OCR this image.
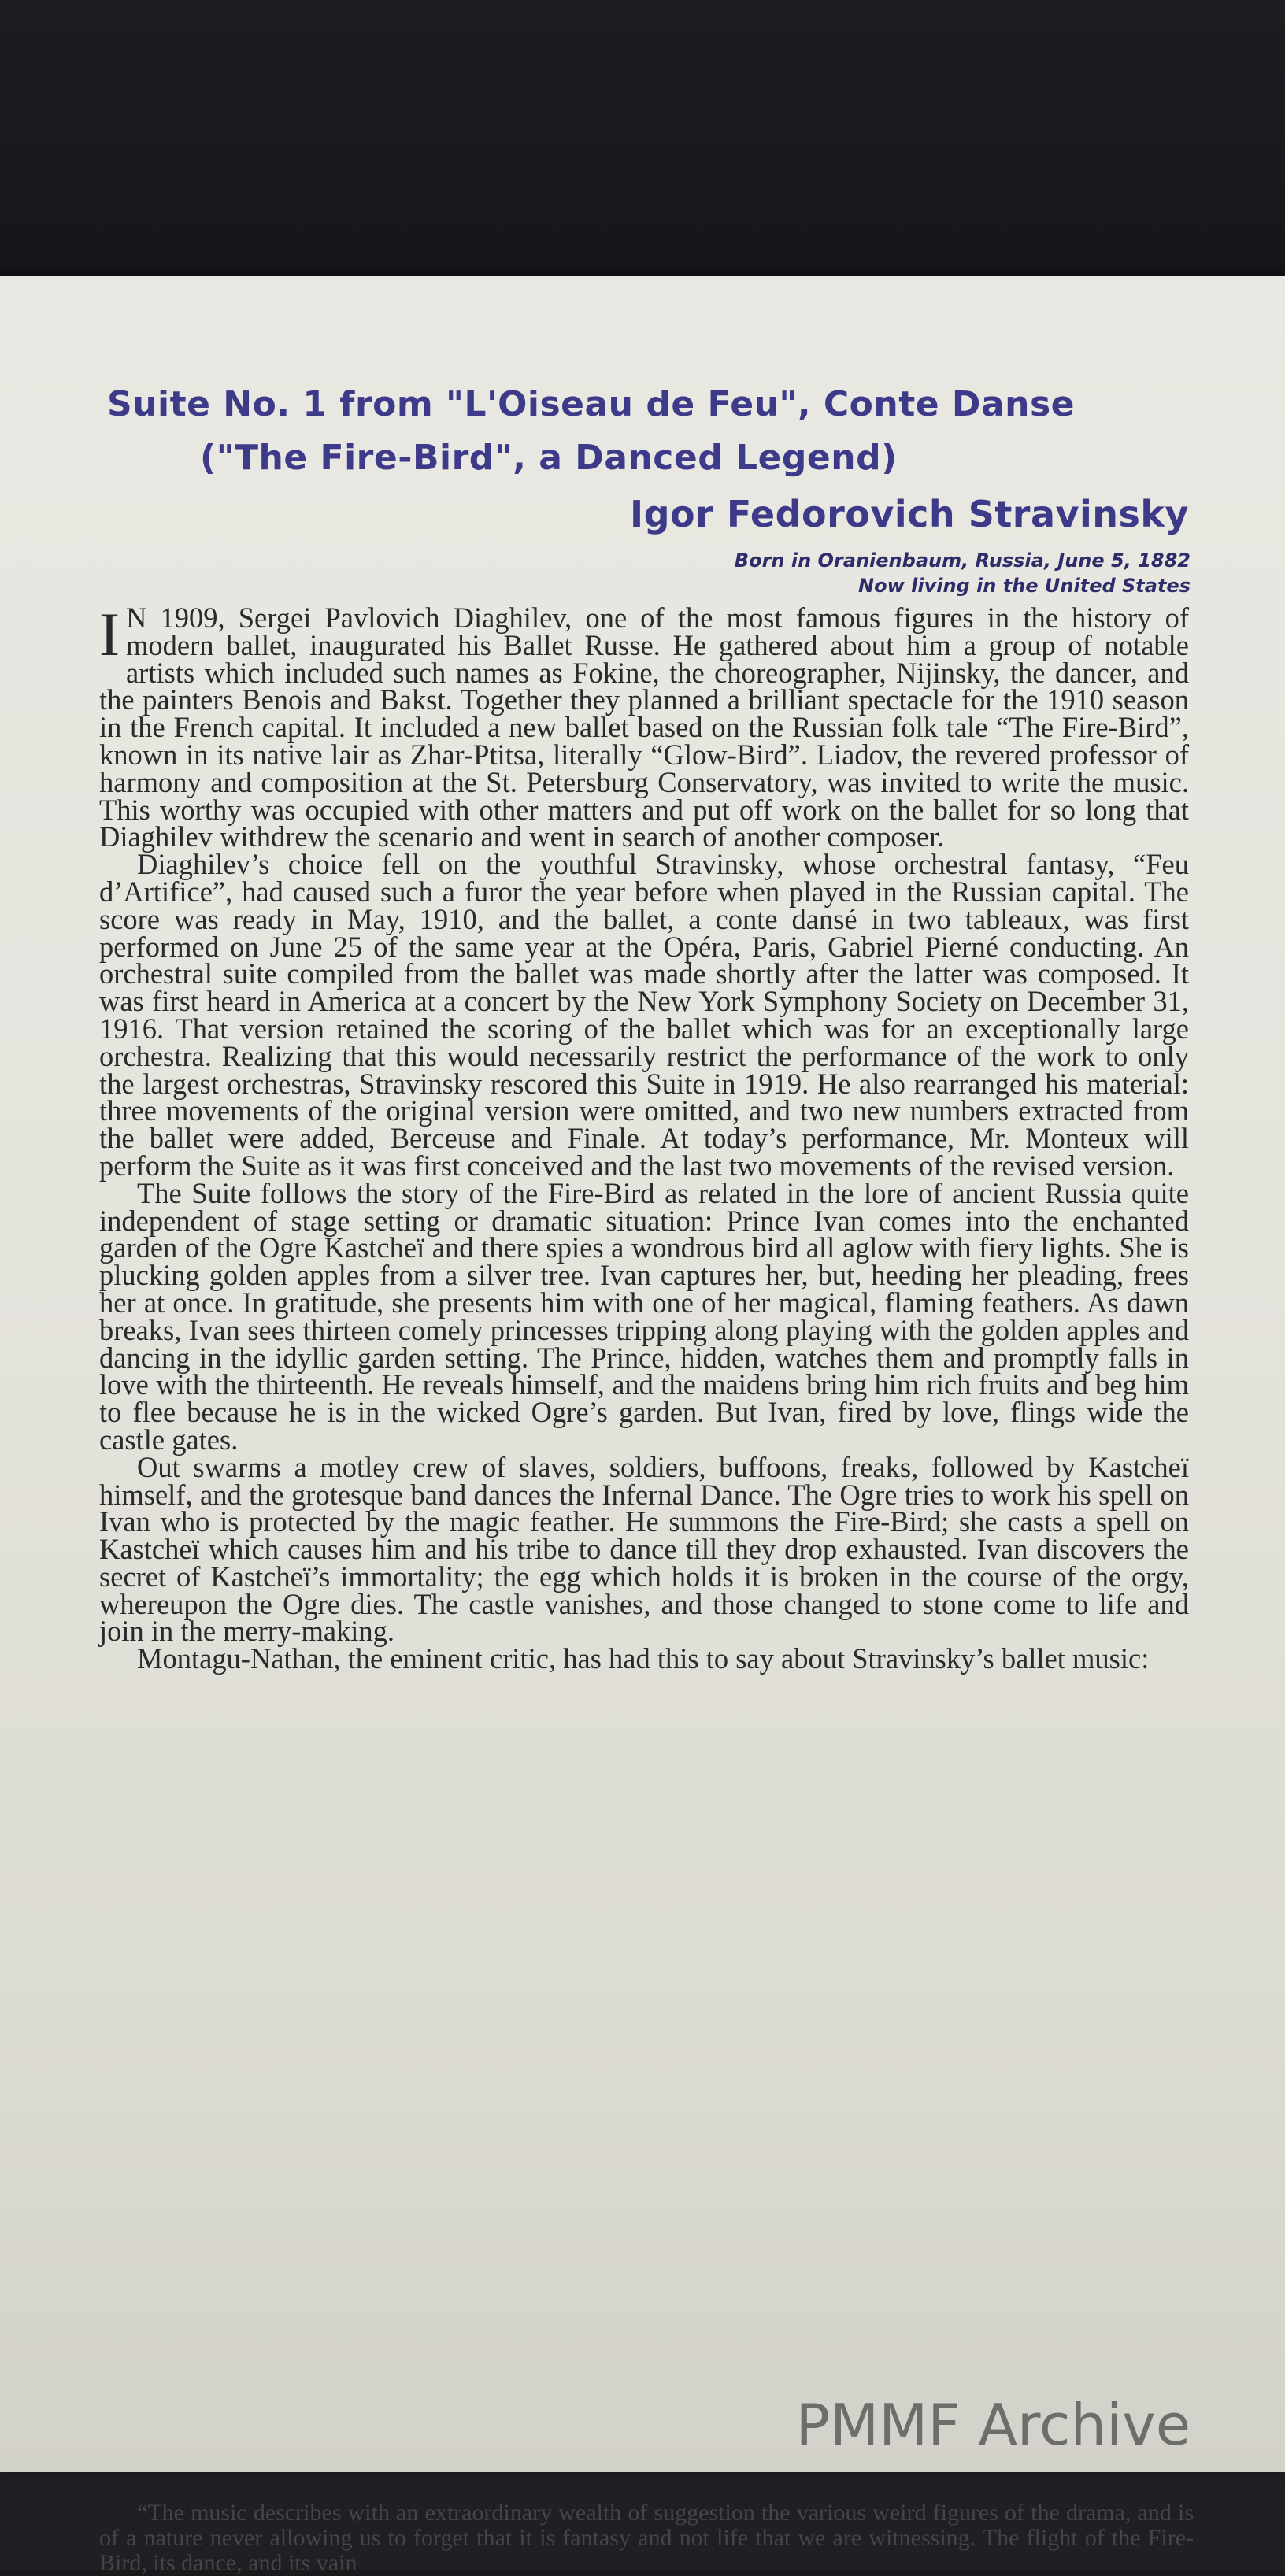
Suite No. 1 from "L'Oiseau de Feu", Conte Danse
("The Fire-Bird", a Danced Legend)
Igor Fedorovich Stravinsky
Born in Oranienbaum, Russia, June 5, 1882
Now living in the United States

I N 1909, Sergei Pavlovich Diaghilev, one of the most famous figures in the history of modern ballet, inaugurated his Ballet Russe. He gathered about him a group of notable artists which included such names as Fokine, the choreographer, Nijinsky, the dancer, and the painters Benois and Bakst. Together they planned a brilliant spectacle for the 1910 season in the French capital. It included a new ballet based on the Russian folk tale “The Fire-Bird”, known in its native lair as Zhar-Ptitsa, literally “Glow-Bird”. Liadov, the revered professor of harmony and composition at the St. Petersburg Conservatory, was invited to write the music. This worthy was occupied with other matters and put off work on the ballet for so long that Diaghilev withdrew the scenario and went in search of another composer.

Diaghilev’s choice fell on the youthful Stravinsky, whose orchestral fantasy, “Feu d’Artifice”, had caused such a furor the year before when played in the Russian capital. The score was ready in May, 1910, and the ballet, a conte dansé in two tableaux, was first performed on June 25 of the same year at the Opéra, Paris, Gabriel Pierné conducting. An orchestral suite compiled from the ballet was made shortly after the latter was composed. It was first heard in America at a concert by the New York Symphony Society on December 31, 1916. That version retained the scoring of the ballet which was for an exceptionally large orchestra. Realizing that this would necessarily restrict the performance of the work to only the largest orchestras, Stravinsky rescored this Suite in 1919. He also rearranged his material: three movements of the original version were omitted, and two new numbers extracted from the ballet were added, Berceuse and Finale. At today’s performance, Mr. Monteux will perform the Suite as it was first conceived and the last two movements of the revised version.

The Suite follows the story of the Fire-Bird as related in the lore of ancient Russia quite independent of stage setting or dramatic situation: Prince Ivan comes into the enchanted garden of the Ogre Kastcheï and there spies a wondrous bird all aglow with fiery lights. She is plucking golden apples from a silver tree. Ivan captures her, but, heeding her pleading, frees her at once. In gratitude, she presents him with one of her magical, flaming feathers. As dawn breaks, Ivan sees thirteen comely princesses tripping along playing with the golden apples and dancing in the idyllic garden setting. The Prince, hidden, watches them and promptly falls in love with the thirteenth. He reveals himself, and the maidens bring him rich fruits and beg him to flee because he is in the wicked Ogre’s garden. But Ivan, fired by love, flings wide the castle gates.

Out swarms a motley crew of slaves, soldiers, buffoons, freaks, followed by Kastcheï himself, and the grotesque band dances the Infernal Dance. The Ogre tries to work his spell on Ivan who is protected by the magic feather. He summons the Fire-Bird; she casts a spell on Kastcheï which causes him and his tribe to dance till they drop exhausted. Ivan discovers the secret of Kastcheï’s immortality; the egg which holds it is broken in the course of the orgy, whereupon the Ogre dies. The castle vanishes, and those changed to stone come to life and join in the merry-making.

Montagu-Nathan, the eminent critic, has had this to say about Stravinsky’s ballet music:

“The music describes with an extraordinary wealth of suggestion the various weird figures of the drama, and is of a nature never allowing us to forget that it is fantasy and not life that we are witnessing. The flight of the Fire-Bird, its dance, and its vain

PMMF Archive
